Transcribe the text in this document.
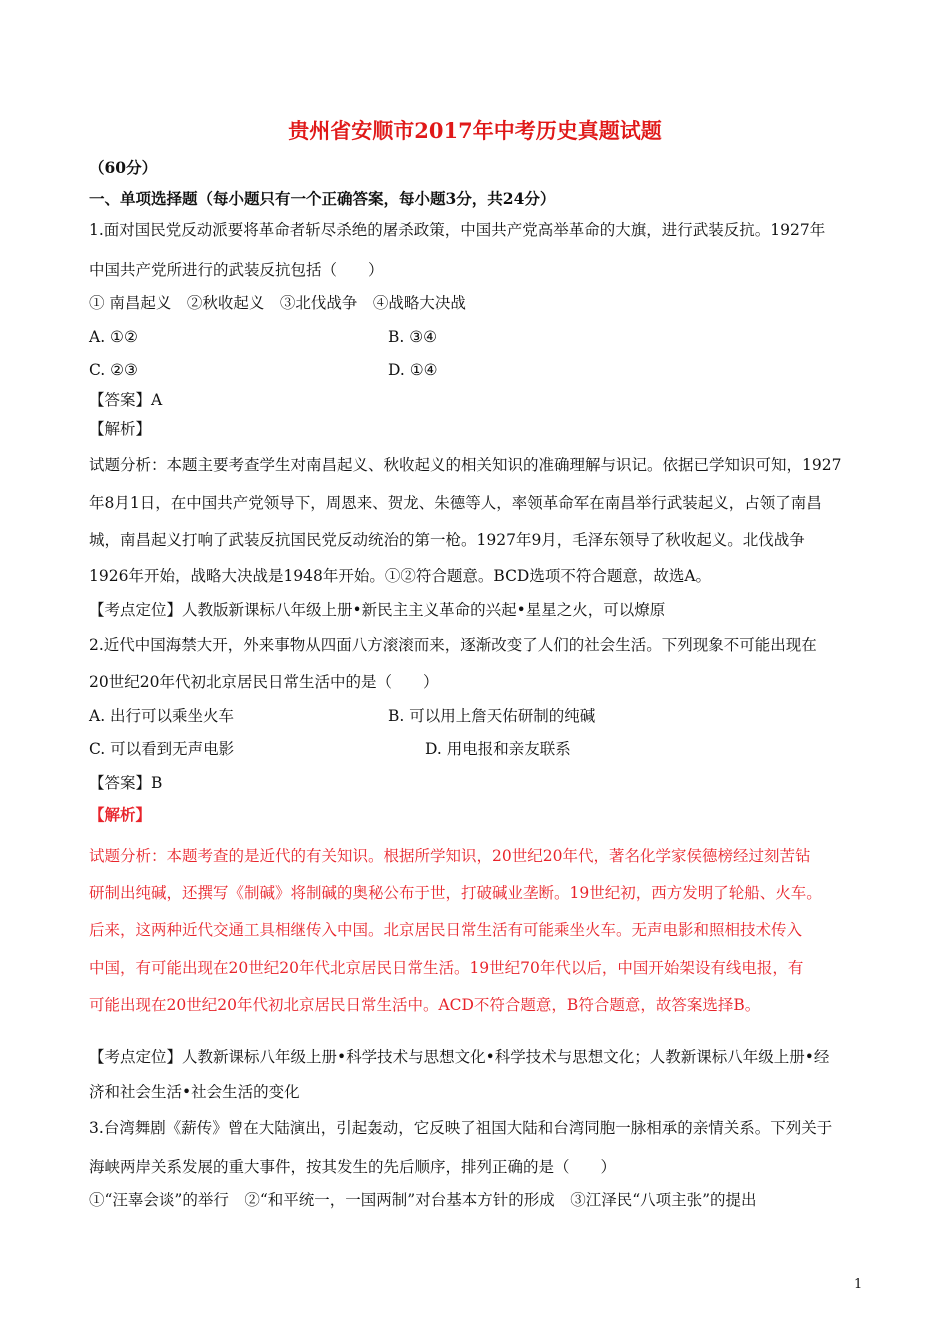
贵州省安顺市2017年中考历史真题试题
（60分）
一、单项选择题（每小题只有一个正确答案，每小题3分，共24分）
1.面对国民党反动派要将革命者斩尽杀绝的屠杀政策，中国共产党高举革命的大旗，进行武装反抗。1927年
中国共产党所进行的武装反抗包括（　　）
① 南昌起义　②秋收起义　③北伐战争　④战略大决战
A. ①②	B. ③④
C. ②③	D. ①④
【答案】A
【解析】
试题分析：本题主要考查学生对南昌起义、秋收起义的相关知识的准确理解与识记。依据已学知识可知，1927
年8月1日，在中国共产党领导下，周恩来、贺龙、朱德等人，率领革命军在南昌举行武装起义，占领了南昌
城，南昌起义打响了武装反抗国民党反动统治的第一枪。1927年9月，毛泽东领导了秋收起义。北伐战争
1926年开始，战略大决战是1948年开始。①②符合题意。BCD选项不符合题意，故选A。
【考点定位】人教版新课标八年级上册•新民主主义革命的兴起•星星之火，可以燎原
2.近代中国海禁大开，外来事物从四面八方滚滚而来，逐渐改变了人们的社会生活。下列现象不可能出现在
20世纪20年代初北京居民日常生活中的是（　　）
A. 出行可以乘坐火车	B. 可以用上詹天佑研制的纯碱
C. 可以看到无声电影	D. 用电报和亲友联系
【答案】B
【解析】
试题分析：本题考查的是近代的有关知识。根据所学知识，20世纪20年代，著名化学家侯德榜经过刻苦钻
研制出纯碱，还撰写《制碱》将制碱的奥秘公布于世，打破碱业垄断。19世纪初，西方发明了轮船、火车。
后来，这两种近代交通工具相继传入中国。北京居民日常生活有可能乘坐火车。无声电影和照相技术传入
中国，有可能出现在20世纪20年代北京居民日常生活。19世纪70年代以后，中国开始架设有线电报，有
可能出现在20世纪20年代初北京居民日常生活中。ACD不符合题意，B符合题意，故答案选择B。
【考点定位】人教新课标八年级上册•科学技术与思想文化•科学技术与思想文化；人教新课标八年级上册•经
济和社会生活•社会生活的变化
3.台湾舞剧《薪传》曾在大陆演出，引起轰动，它反映了祖国大陆和台湾同胞一脉相承的亲情关系。下列关于
海峡两岸关系发展的重大事件，按其发生的先后顺序，排列正确的是（　　）
①“汪辜会谈”的举行　②“和平统一，一国两制”对台基本方针的形成　③江泽民“八项主张”的提出
1
